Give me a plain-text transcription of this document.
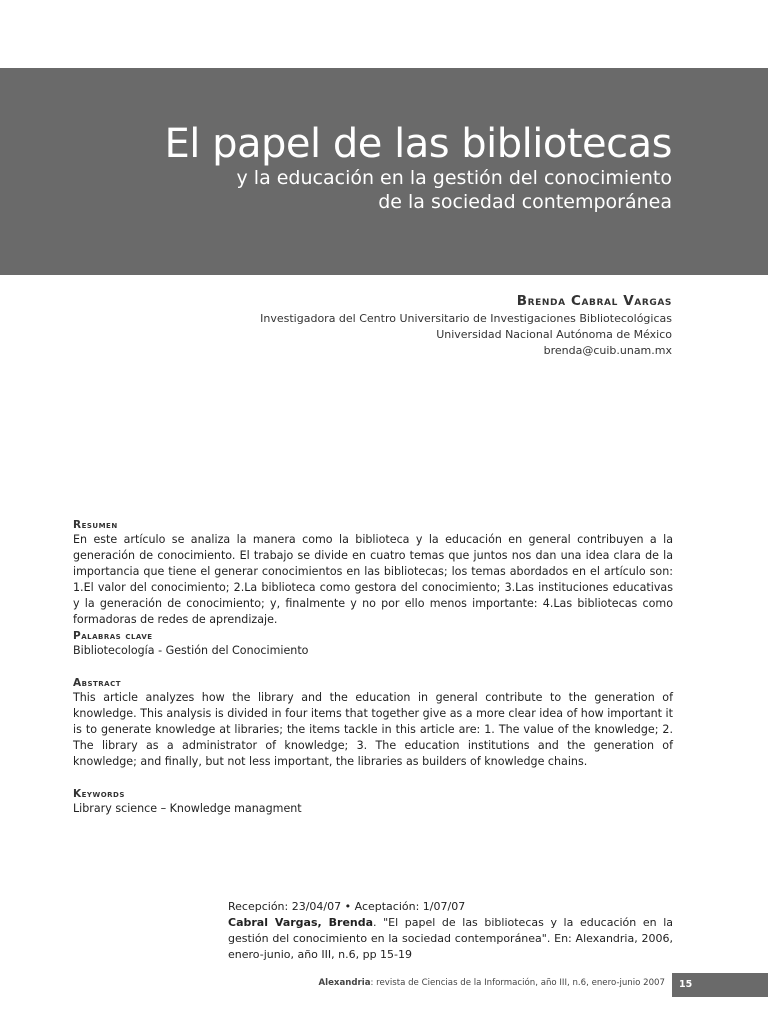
El papel de las bibliotecas
y la educación en la gestión del conocimiento
de la sociedad contemporánea
Brenda Cabral Vargas
Investigadora del Centro Universitario de Investigaciones Bibliotecológicas
Universidad Nacional Autónoma de México
brenda@cuib.unam.mx
Resumen
En este artículo se analiza la manera como la biblioteca y la educación en general contribuyen a la generación de conocimiento. El trabajo se divide en cuatro temas que juntos nos dan una idea clara de la importancia que tiene el generar conocimientos en las bibliotecas; los temas abordados en el artículo son: 1.El valor del conocimiento; 2.La biblioteca como gestora del conocimiento; 3.Las instituciones educativas y la generación de conocimiento; y, finalmente y no por ello menos importante: 4.Las bibliotecas como formadoras de redes de aprendizaje.
Palabras clave
Bibliotecología - Gestión del Conocimiento
Abstract
This article analyzes how the library and the education in general contribute to the generation of knowledge. This analysis is divided in four items that together give as a more clear idea of how important it is to generate knowledge at libraries; the items tackle in this article are: 1. The value of the knowledge; 2. The library as a administrator of knowledge; 3. The education institutions and the generation of knowledge; and finally, but not less important, the libraries as builders of knowledge chains.
Keywords
Library science – Knowledge managment
Recepción: 23/04/07 • Aceptación: 1/07/07
Cabral Vargas, Brenda. "El papel de las bibliotecas y la educación en la gestión del conocimiento en la sociedad contemporánea". En: Alexandria, 2006, enero-junio, año III, n.6, pp 15-19
Alexandria: revista de Ciencias de la Información, año III, n.6, enero-junio 2007	15
